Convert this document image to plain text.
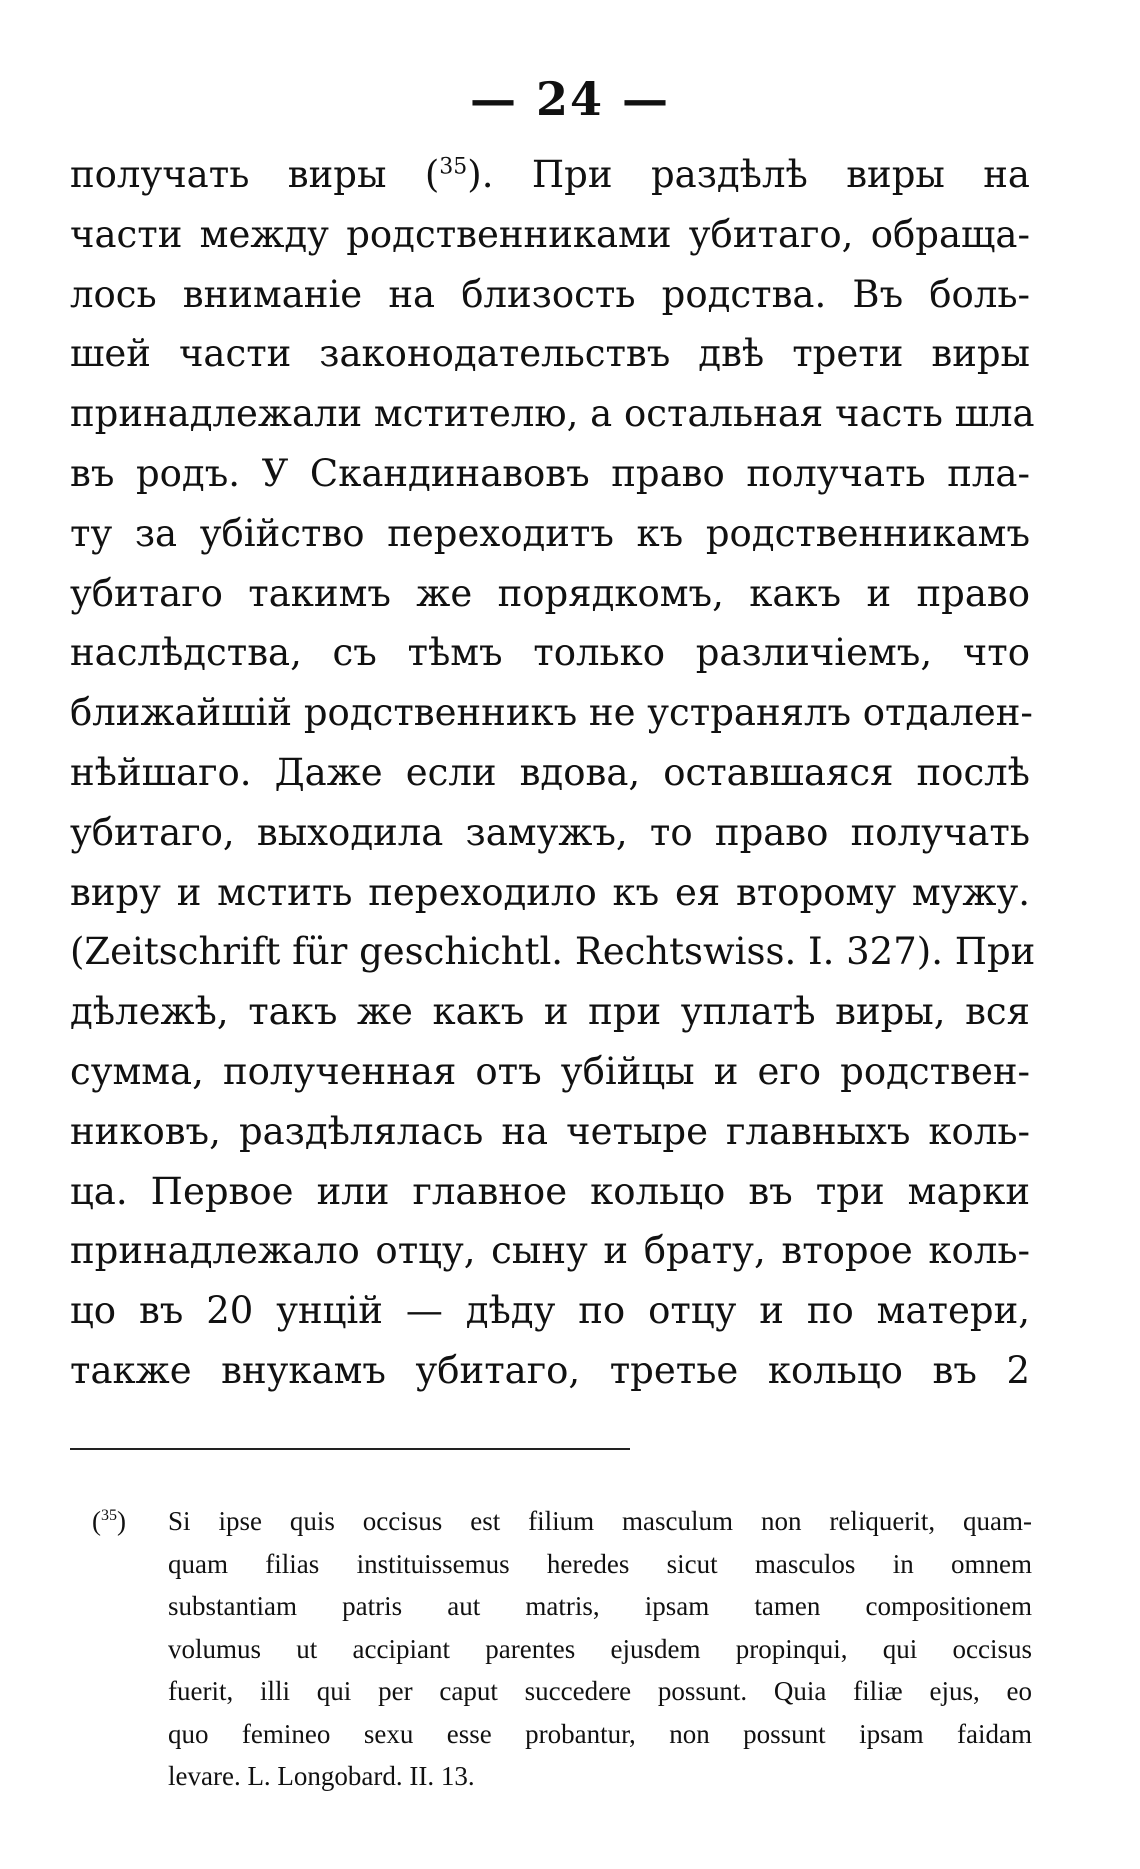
— 24 —
получать виры ($^{35}$). При раздѣлѣ виры на
части между родственниками убитаго, обраща-
лось вниманіе на близость родства. Въ боль-
шей части законодательствъ двѣ трети виры
принадлежали мстителю, а остальная часть шла
въ родъ. У Скандинавовъ право получать пла-
ту за убійство переходитъ къ родственникамъ
убитаго такимъ же порядкомъ, какъ и право
наслѣдства, съ тѣмъ только различіемъ, что
ближайшій родственникъ не устранялъ отдален-
нѣйшаго. Даже если вдова, оставшаяся послѣ
убитаго, выходила замужъ, то право получать
виру и мстить переходило къ ея второму мужу.
(Zeitschrift für geschichtl. Rechtswiss. I. 327). При
дѣлежѣ, такъ же какъ и при уплатѣ виры, вся
сумма, полученная отъ убійцы и его родствен-
никовъ, раздѣлялась на четыре главныхъ коль-
ца. Первое или главное кольцо въ три марки
принадлежало отцу, сыну и брату, второе коль-
цо въ 20 унцій — дѣду по отцу и по матери,
также внукамъ убитаго, третье кольцо въ 2
($^{35}$) Si ipse quis occisus est filium masculum non reliquerit, quam-
quam filias instituissemus heredes sicut masculos in omnem
substantiam patris aut matris, ipsam tamen compositionem
volumus ut accipiant parentes ejusdem propinqui, qui occisus
fuerit, illi qui per caput succedere possunt. Quia filiæ ejus, eo
quo femineo sexu esse probantur, non possunt ipsam faidam
levare. L. Longobard. II. 13.
